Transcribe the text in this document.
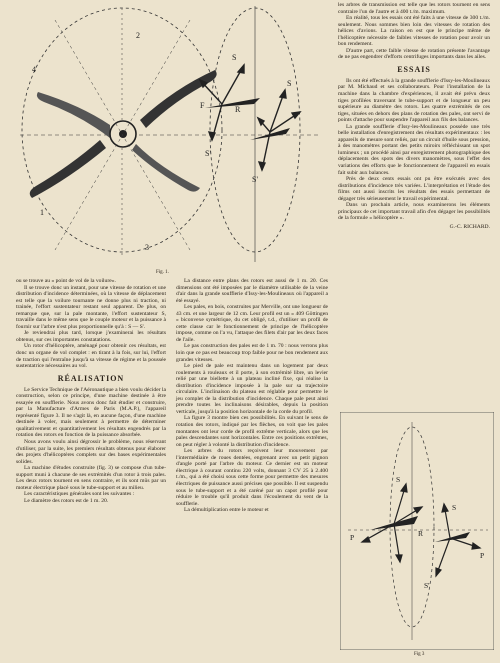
S
S
F	R
S'
S'
2
3
4
1
Fig. 1.

ou se trouve au « point de vol de la voilure».

Il se trouve donc un instant, pour une vitesse de rotation et une distribution d'incidence déterminées, où la vitesse de déplacement est telle que la voilure tournante ne donne plus ni traction, ni trainée, l'effort sustentateur restant seul apparent. De plus, on remarque que, sur la pale montante, l'effort sustentateur S, travaille dans le même sens que le couple moteur et la puissance à fournir sur l'arbre n'est plus proportionnelle qu'à : S — S'.

Je reviendrai plus tard, lorsque j'examinerai les résultats obtenus, sur ces importantes constatations.

Un rotor d'hélicoptère, aménagé pour obtenir ces résultats, est donc un organe de vol complet : en tirant à la fois, sur lui, l'effort de traction qui l'entraîne jusqu'à sa vitesse de régime et la poussée sustentatrice nécessaires au vol.

RÉALISATION

Le Service Technique de l'Aéronautique a bien voulu décider la construction, selon ce principe, d'une machine destinée à être essayée en soufflerie. Nous avons donc fait étudier et construire, par la Manufacture d'Armes de Paris (M.A.P.), l'appareil représenté figure 3. Il ne s'agit là, en aucune façon, d'une machine destinée à voler, mais seulement à permettre de déterminer qualitativement et quantitativement les résultats engendrés par la rotation des rotors en fonction de la puissance absorbée.

Nous avons voulu ainsi dégrossir le problème, nous réservant d'utiliser, par la suite, les premiers résultats obtenus pour élaborer des projets d'hélicoptères complets sur des bases expérimentales solides.

La machine d'études construite (fig. 3) se compose d'un tube-support muni à chacune de ses extrémités d'un rotor à trois pales. Les deux rotors tournent en sens contraire, et ils sont mûs par un moteur électrique placé sous le tube-support et au milieu.

Les caractéristiques générales sont les suivantes :

Le diamètre des rotors est de 1 m. 20.

La distance entre plans des rotors est aussi de 1 m. 20. Ces dimensions ont été imposées par le diamètre utilisable de la veine d'air dans la grande soufflerie d'Issy-les-Moulineaux où l'appareil a été essayé.

Les pales, en bois, construites par Merville, ont une longueur de 43 cm. et une largeur de 12 cm. Leur profil est un « 409 Göttingen » biconvexe symétrique, du cet obligé, t.d., d'utiliser un profil de cette classe car le fonctionnement de principe de l'hélicoptère impose, comme on l'a vu, l'attaque des filets d'air par les deux faces de l'aile.

Le pas construction des pales est de 1 m. 70 : nous verrons plus loin que ce pas est beaucoup trop faible pour ne bon rendement aux grandes vitesses.

Le pied de pale est maintenu dans un logement par deux roulements à rouleaux et il porte, à son extrémité libre, un levier relié par une biellette à un plateau incliné fixe, qui réalise la distribution d'incidence imposée à la pale sur sa trajectoire circulaire. L'inclinaison du plateau est réglable pour permettre le jeu complet de la distribution d'incidence. Chaque pale peut ainsi prendre toutes les inclinaisons désirables, depuis la position verticale, jusqu'à la position horizontale de la corde du profil.

La figure 3 montre bien ces possibilités. En suivant le sens de rotation des rotors, indiqué par les flèches, on voit que les pales montantes ont leur corde de profil extrême verticale, alors que les pales descendantes sont horizontales. Entre ces positions extrêmes, on peut régler à volonté la distribution d'incidence.

Les arbres du rotors reçoivent leur mouvement par l'intermédiaire de roues dentées, engrenant avec un petit pignon d'angle porté par l'arbre du moteur. Ce dernier est un moteur électrique à courant continu 220 volts, donnant 3 CV 25 à 2.400 t./m., qui a été choisi sous cette forme pour permettre des mesures électriques de puissance aussi précises que possible. Il est suspendu sous le tube-support et a été caréné par un capot profilé pour réduire le trouble qu'il produit dans l'écoulement du vent de la soufflerie.

La démultiplication entre le moteur et

les arbres de transmission est telle que les rotors tournent en sens contraire l'un de l'autre et à 400 t./m. maximum.

En réalité, tous les essais ont été faits à une vitesse de 300 t./m. seulement. Nous sommes bien loin des vitesses de rotation des hélices d'avions. La raison en est que le principe même de l'hélicoptère nécessite de faibles vitesses de rotation pour avoir un bon rendement.

D'autre part, cette faible vitesse de rotation présente l'avantage de ne pas engendrer d'efforts centrifuges importants dans les ailes.

ESSAIS

Ils ont été effectués à la grande soufflerie d'Issy-les-Moulineaux par M. Michaud et ses collaborateurs. Pour l'installation de la machine dans la chambre d'expériences, il avait été prévu deux tiges profilées traversant le tube-support et de longueur un peu supérieure au diamètre des rotors. Les quatre extrémités de ces tiges, situées en dehors des plans de rotation des pales, ont servi de points d'attache pour suspendre l'appareil aux fils des balances.

La grande soufflerie d'Issy-les-Moulineaux possède une très belle installation d'enregistrement des résultats expérimentaux : les appareils de mesure sont reliés, par un circuit d'huile sous pression, à des manomètres portant des petits miroirs réfléchissant un spot lumineux ; un procédé ainsi par enregistrement photographique des déplacements des spots des divers manomètres, sous l'effet des variations des efforts que le fonctionnement de l'appareil en essais fait subir aux balances.

Près de deux cents essais ont pu être exécutés avec des distributions d'incidence très variées. L'interprétation et l'étude des films ont aussi inscrits les résultats des essais permettant de dégager très sérieusement le travail expérimental.

Dans un prochain article, nous examinerons les éléments principaux de cet important travail afin d'en dégager les possibilités de la formule « hélicoptère ».

G.-C. RICHARD.
P	R
S
S
S'
P
Fig 3
